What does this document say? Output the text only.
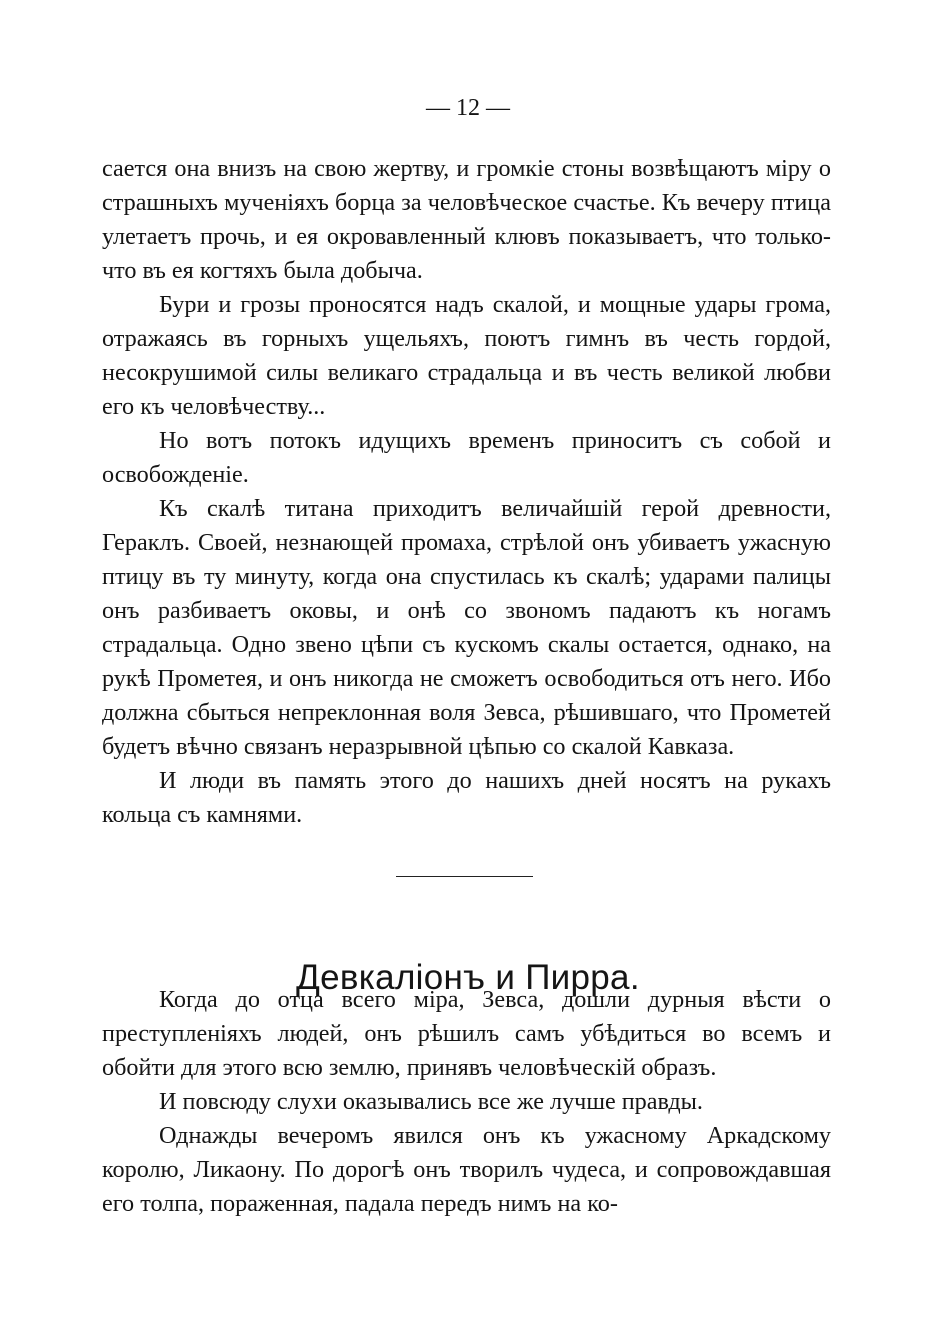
— 12 —

сается она внизъ на свою жертву, и громкіе стоны возвѣщаютъ міру о страшныхъ мученіяхъ борца за человѣческое счастье. Къ вечеру птица улетаетъ прочь, и ея окровавленный клювъ показываетъ, что только-что въ ея когтяхъ была добыча.

Бури и грозы проносятся надъ скалой, и мощные удары грома, отражаясь въ горныхъ ущельяхъ, поютъ гимнъ въ честь гордой, несокрушимой силы великаго страдальца и въ честь великой любви его къ человѣчеству...

Но вотъ потокъ идущихъ временъ приноситъ съ собой и освобожденіе.

Къ скалѣ титана приходитъ величайшій герой древности, Гераклъ. Своей, незнающей промаха, стрѣлой онъ убиваетъ ужасную птицу въ ту минуту, когда она спустилась къ скалѣ; ударами палицы онъ разбиваетъ оковы, и онѣ со звономъ падаютъ къ ногамъ страдальца. Одно звено цѣпи съ кускомъ скалы остается, однако, на рукѣ Прометея, и онъ никогда не сможетъ освободиться отъ него. Ибо должна сбыться непреклонная воля Зевса, рѣшившаго, что Прометей будетъ вѣчно связанъ неразрывной цѣпью со скалой Кавказа.

И люди въ память этого до нашихъ дней носятъ на рукахъ кольца съ камнями.

Девкаліонъ и Пирра.

Когда до отца всего міра, Зевса, дошли дурныя вѣсти о преступленіяхъ людей, онъ рѣшилъ самъ убѣдиться во всемъ и обойти для этого всю землю, принявъ человѣческій образъ.

И повсюду слухи оказывались все же лучше правды.

Однажды вечеромъ явился онъ къ ужасному Аркадскому королю, Ликаону. По дорогѣ онъ творилъ чудеса, и сопровождавшая его толпа, пораженная, падала передъ нимъ на ко-
